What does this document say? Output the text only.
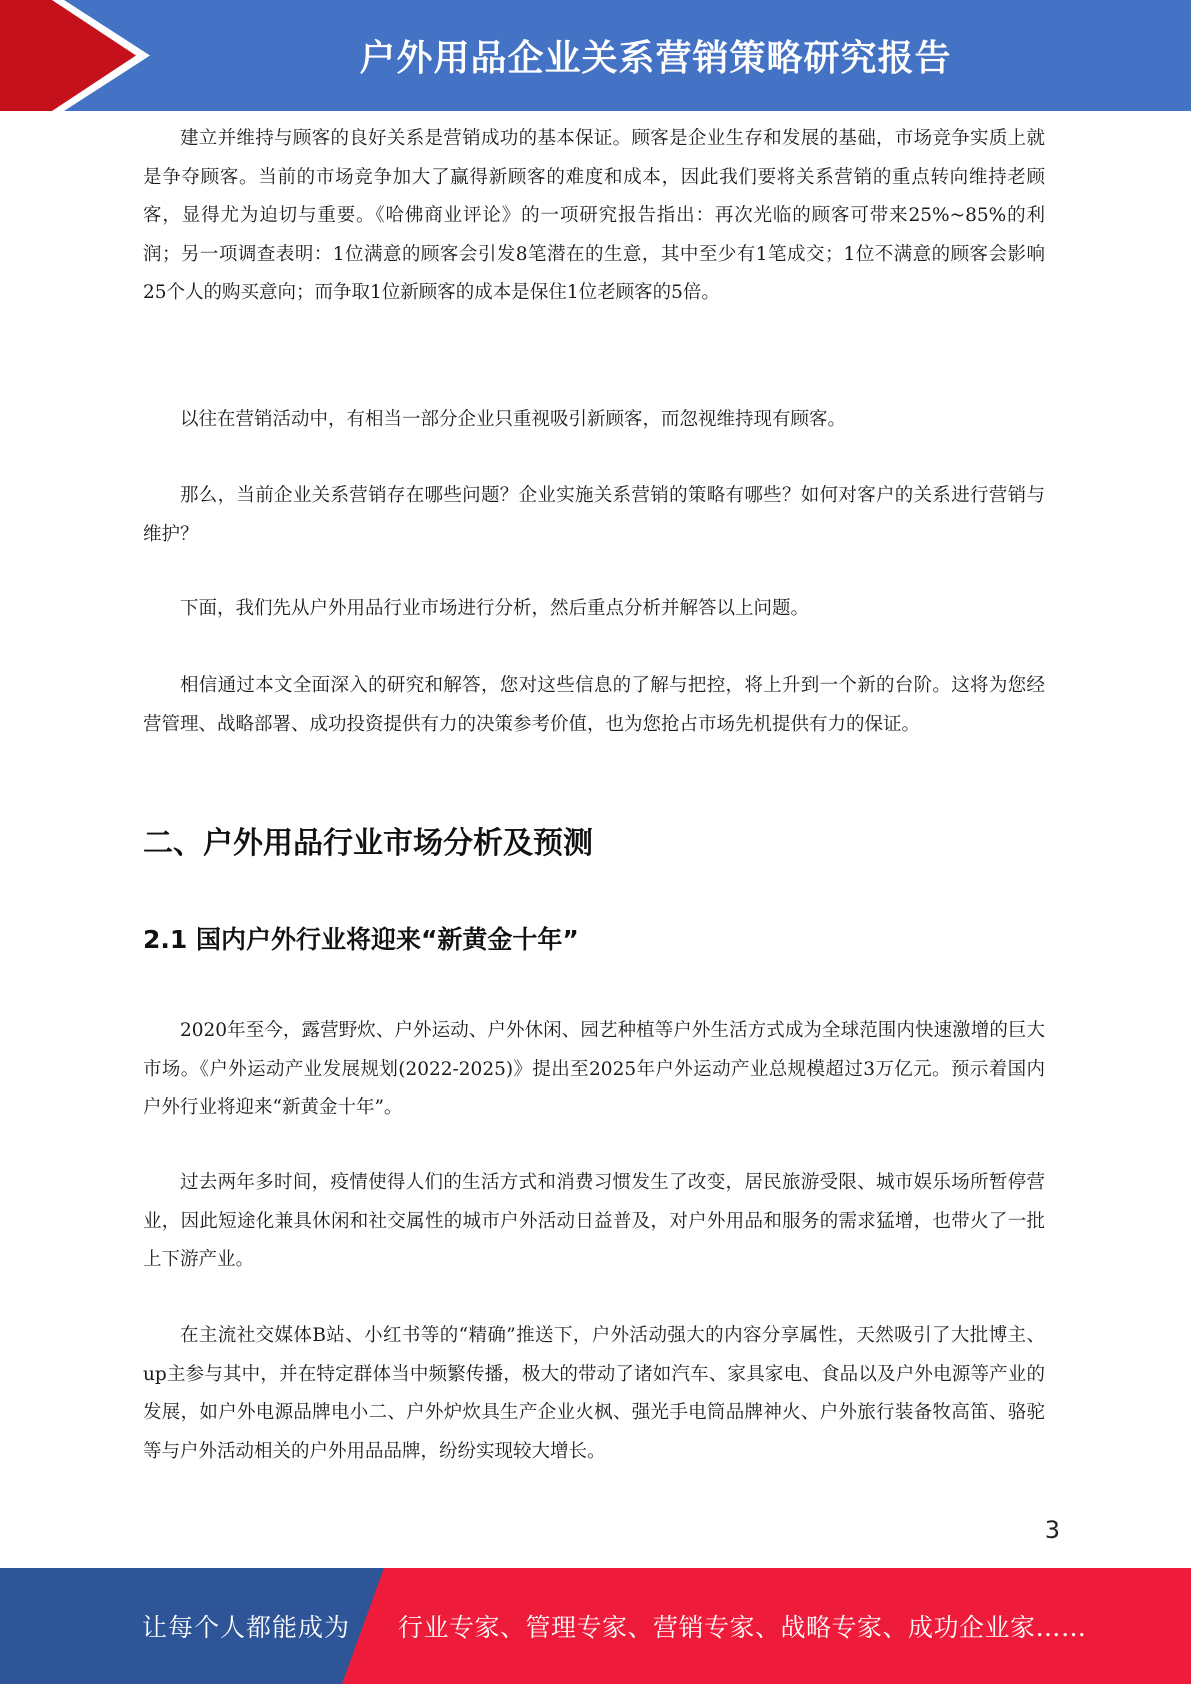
户外用品企业关系营销策略研究报告

建立并维持与顾客的良好关系是营销成功的基本保证。顾客是企业生存和发展的基础，市场竞争实质上就是争夺顾客。当前的市场竞争加大了赢得新顾客的难度和成本，因此我们要将关系营销的重点转向维持老顾客，显得尤为迫切与重要。《哈佛商业评论》的一项研究报告指出：再次光临的顾客可带来25%~85%的利润；另一项调查表明：1位满意的顾客会引发8笔潜在的生意，其中至少有1笔成交；1位不满意的顾客会影响25个人的购买意向；而争取1位新顾客的成本是保住1位老顾客的5倍。

以往在营销活动中，有相当一部分企业只重视吸引新顾客，而忽视维持现有顾客。

那么，当前企业关系营销存在哪些问题？企业实施关系营销的策略有哪些？如何对客户的关系进行营销与维护？

下面，我们先从户外用品行业市场进行分析，然后重点分析并解答以上问题。

相信通过本文全面深入的研究和解答，您对这些信息的了解与把控，将上升到一个新的台阶。这将为您经营管理、战略部署、成功投资提供有力的决策参考价值，也为您抢占市场先机提供有力的保证。

二、户外用品行业市场分析及预测
2.1 国内户外行业将迎来“新黄金十年”

2020年至今，露营野炊、户外运动、户外休闲、园艺种植等户外生活方式成为全球范围内快速激增的巨大市场。《户外运动产业发展规划(2022-2025)》提出至2025年户外运动产业总规模超过3万亿元。预示着国内户外行业将迎来“新黄金十年”。

过去两年多时间，疫情使得人们的生活方式和消费习惯发生了改变，居民旅游受限、城市娱乐场所暂停营业，因此短途化兼具休闲和社交属性的城市户外活动日益普及，对户外用品和服务的需求猛增，也带火了一批上下游产业。

在主流社交媒体B站、小红书等的“精确”推送下，户外活动强大的内容分享属性，天然吸引了大批博主、up主参与其中，并在特定群体当中频繁传播，极大的带动了诸如汽车、家具家电、食品以及户外电源等产业的发展，如户外电源品牌电小二、户外炉炊具生产企业火枫、强光手电筒品牌神火、户外旅行装备牧高笛、骆驼等与户外活动相关的户外用品品牌，纷纷实现较大增长。

3
让每个人都能成为 行业专家、管理专家、营销专家、战略专家、成功企业家……
